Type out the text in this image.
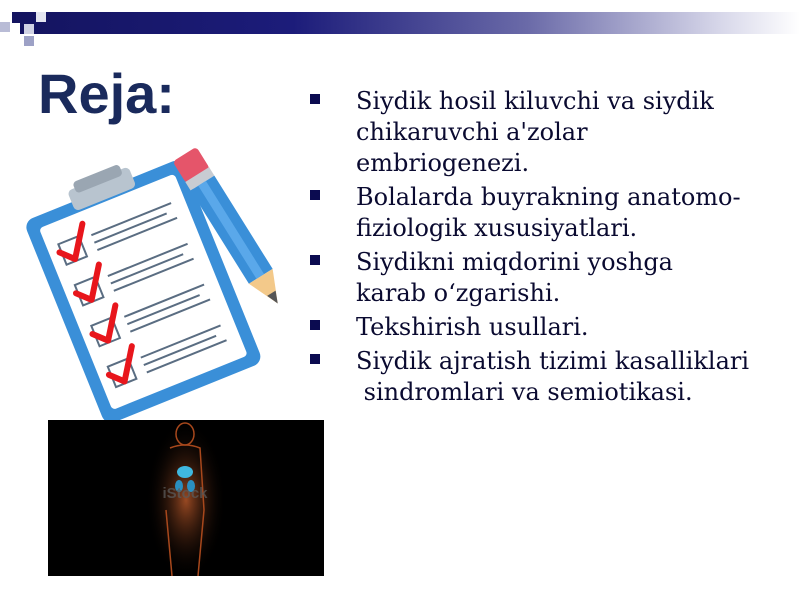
Reja:
iStock
Siydik hosil kiluvchi va siydik
chikaruvchi a'zolar
embriogenezi.
Bolalarda buyrakning anatomo-
fiziologik xususiyatlari.
Siydikni miqdorini yoshga
karab o‘zgarishi.
Tekshirish usullari.
Siydik ajratish tizimi kasalliklari
sindromlari va semiotikasi.
